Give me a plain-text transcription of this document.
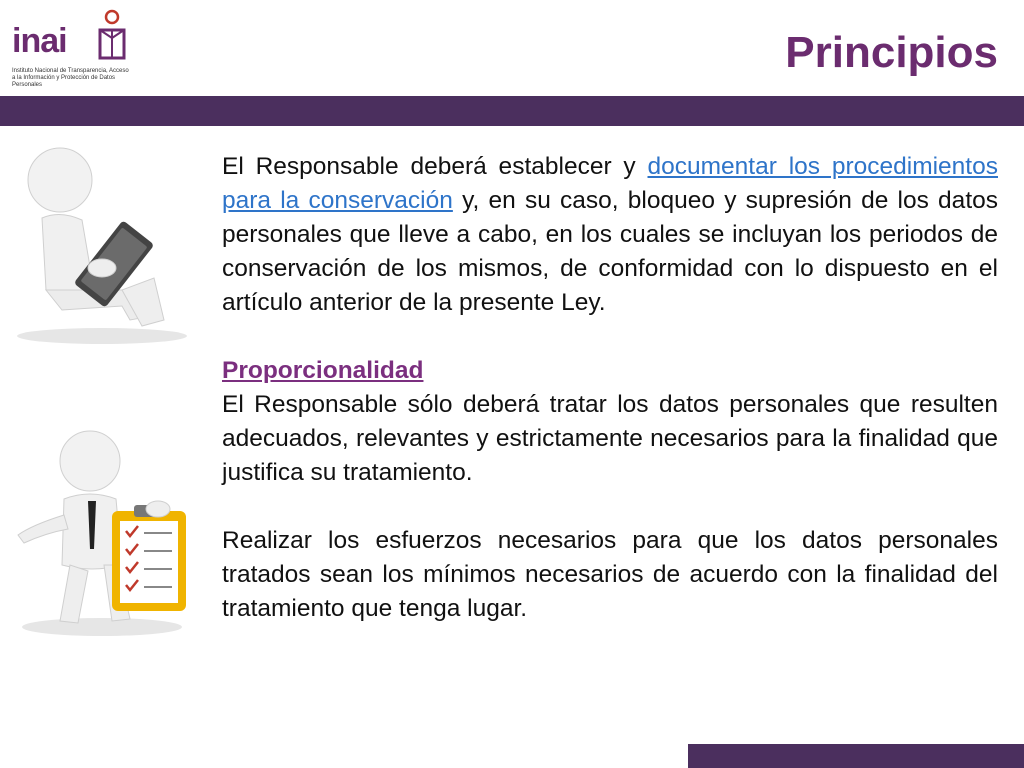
inai
Instituto Nacional de Transparencia, Acceso a la Información y Protección de Datos Personales
Principios

El Responsable deberá establecer y documentar los procedimientos para la conservación y, en su caso, bloqueo y supresión de los datos personales que lleve a cabo, en los cuales se incluyan los periodos de conservación de los mismos, de conformidad con lo dispuesto en el artículo anterior de la presente Ley.

Proporcionalidad

El Responsable sólo deberá tratar los datos personales que resulten adecuados, relevantes y estrictamente necesarios para la finalidad que justifica su tratamiento.

Realizar los esfuerzos necesarios para que los datos personales tratados sean los mínimos necesarios de acuerdo con la finalidad del tratamiento que tenga lugar.
